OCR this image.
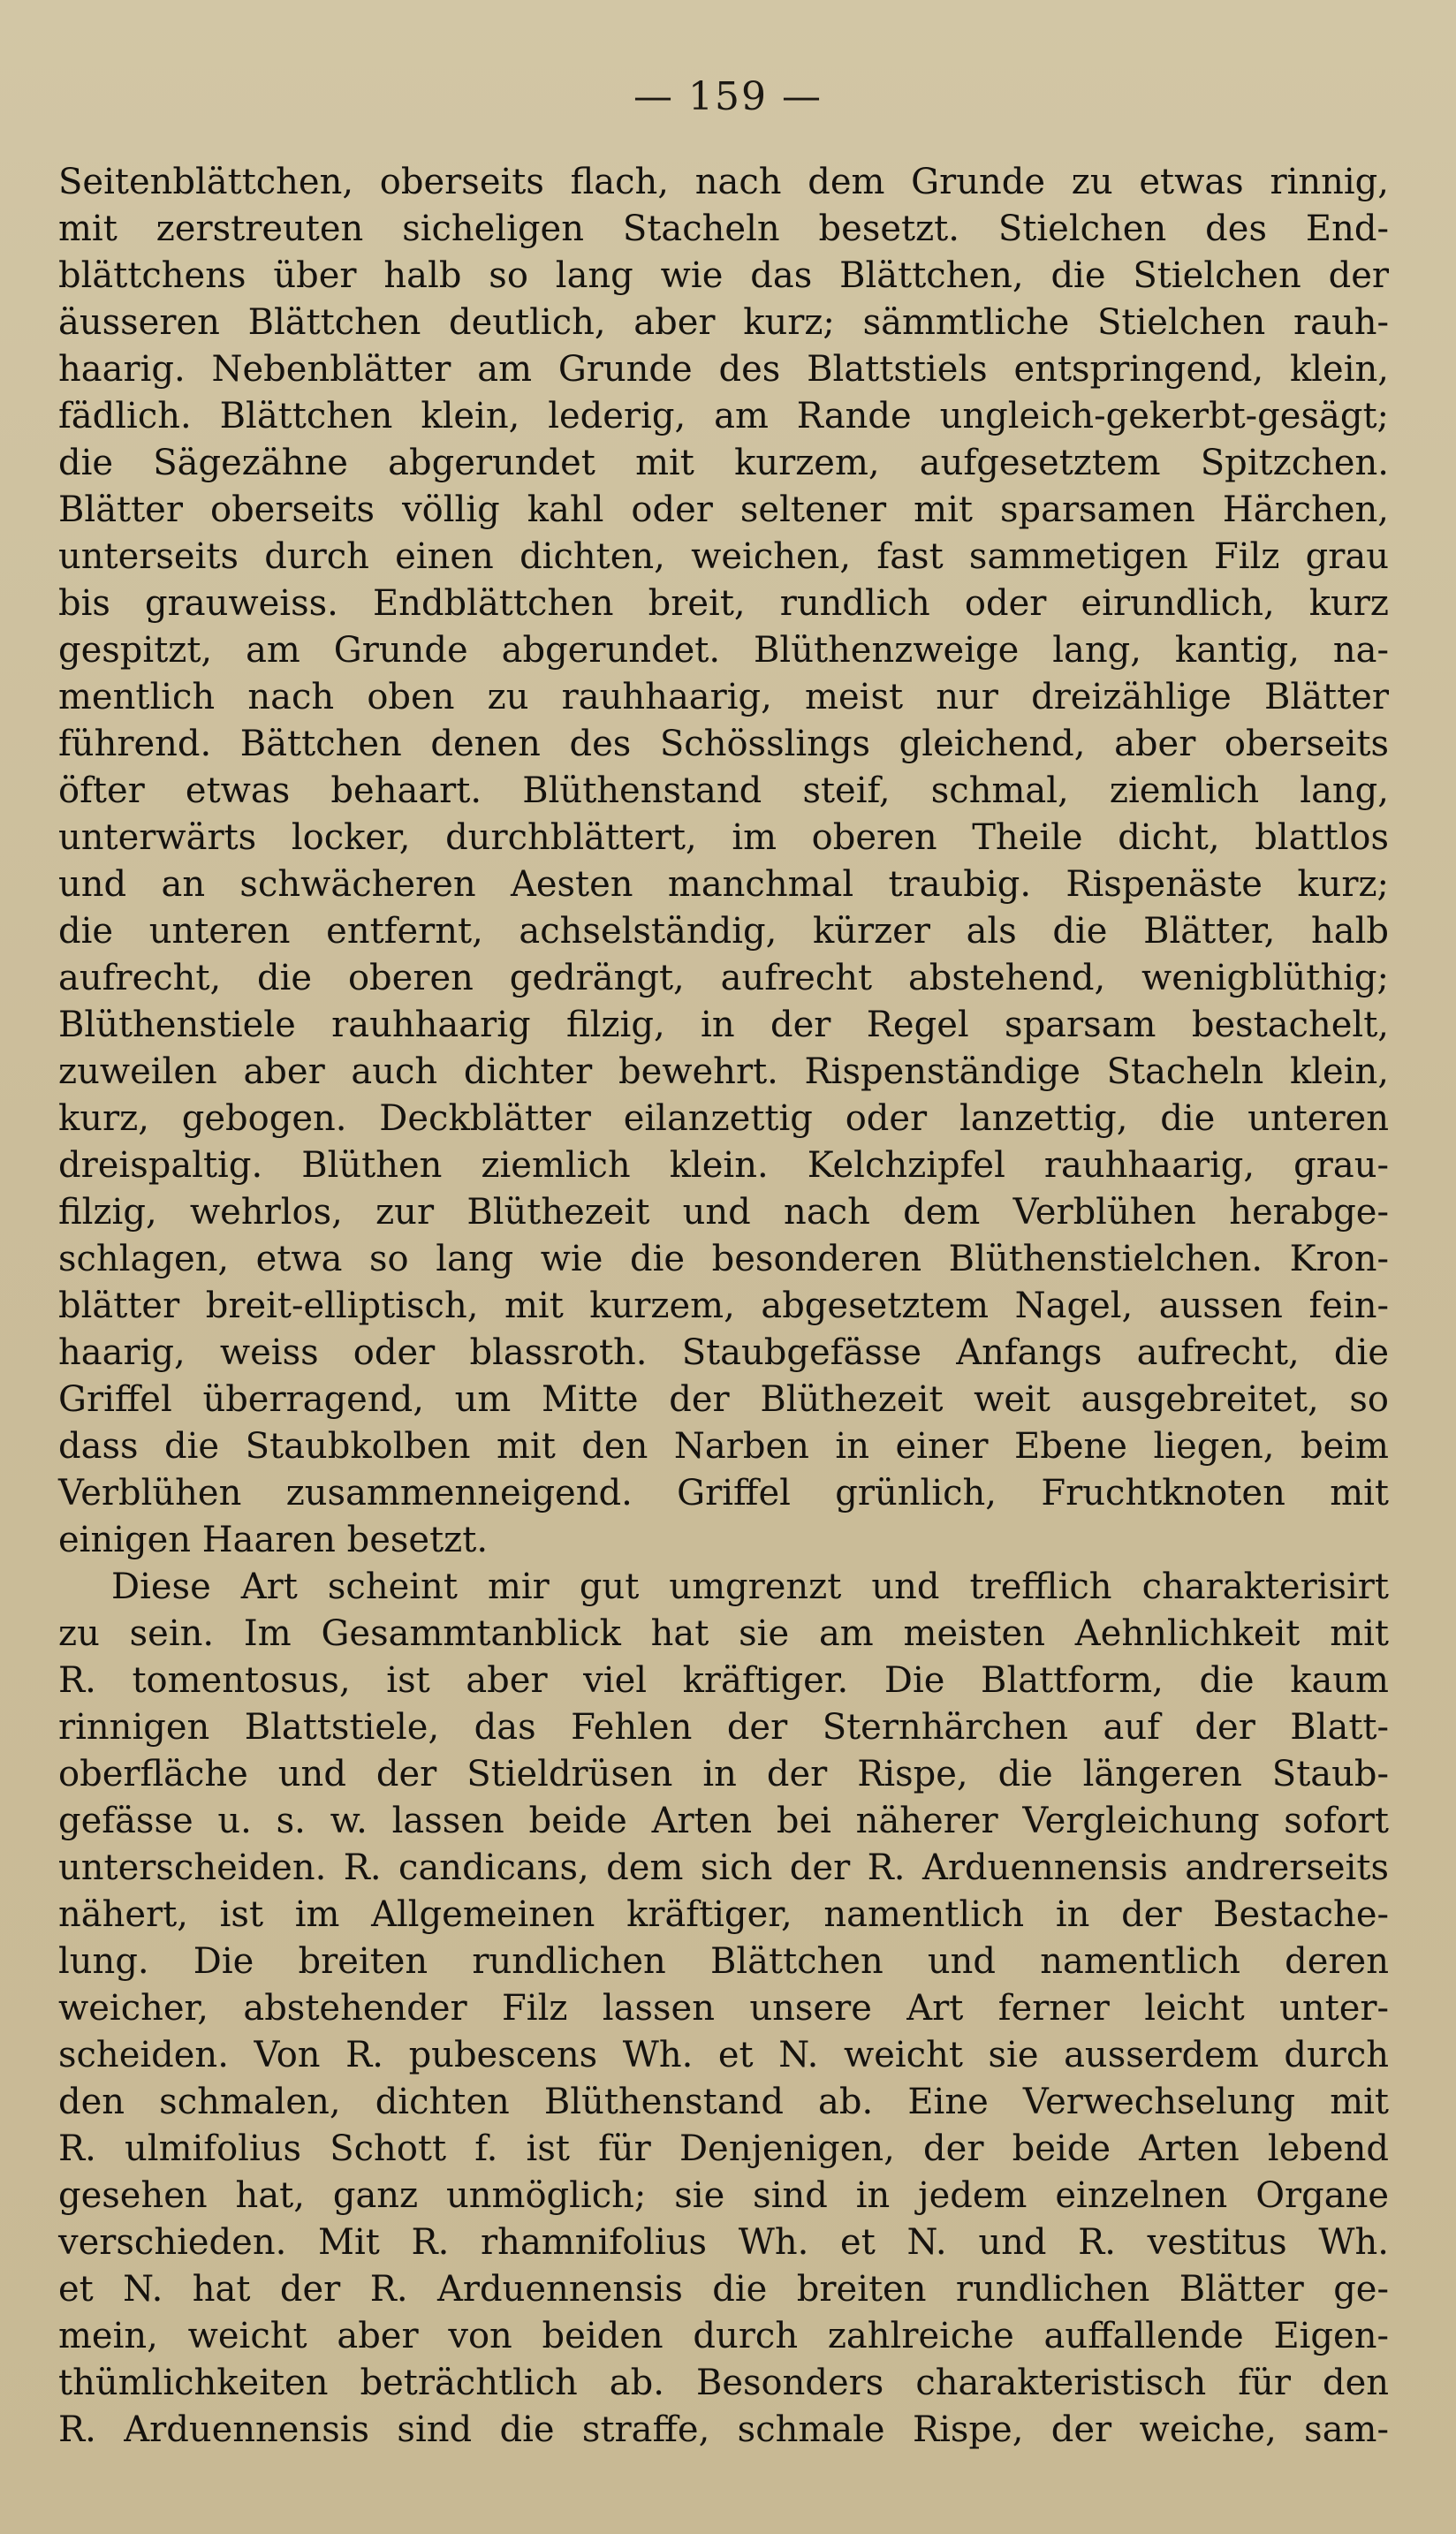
— 159 —
Seitenblättchen, oberseits flach, nach dem Grunde zu etwas rinnig,
mit zerstreuten sicheligen Stacheln besetzt. Stielchen des End-
blättchens über halb so lang wie das Blättchen, die Stielchen der
äusseren Blättchen deutlich, aber kurz; sämmtliche Stielchen rauh-
haarig. Nebenblätter am Grunde des Blattstiels entspringend, klein,
fädlich. Blättchen klein, lederig, am Rande ungleich-gekerbt-gesägt;
die Sägezähne abgerundet mit kurzem, aufgesetztem Spitzchen.
Blätter oberseits völlig kahl oder seltener mit sparsamen Härchen,
unterseits durch einen dichten, weichen, fast sammetigen Filz grau
bis grauweiss. Endblättchen breit, rundlich oder eirundlich, kurz
gespitzt, am Grunde abgerundet. Blüthenzweige lang, kantig, na-
mentlich nach oben zu rauhhaarig, meist nur dreizählige Blätter
führend. Bättchen denen des Schösslings gleichend, aber oberseits
öfter etwas behaart. Blüthenstand steif, schmal, ziemlich lang,
unterwärts locker, durchblättert, im oberen Theile dicht, blattlos
und an schwächeren Aesten manchmal traubig. Rispenäste kurz;
die unteren entfernt, achselständig, kürzer als die Blätter, halb
aufrecht, die oberen gedrängt, aufrecht abstehend, wenigblüthig;
Blüthenstiele rauhhaarig filzig, in der Regel sparsam bestachelt,
zuweilen aber auch dichter bewehrt. Rispenständige Stacheln klein,
kurz, gebogen. Deckblätter eilanzettig oder lanzettig, die unteren
dreispaltig. Blüthen ziemlich klein. Kelchzipfel rauhhaarig, grau-
filzig, wehrlos, zur Blüthezeit und nach dem Verblühen herabge-
schlagen, etwa so lang wie die besonderen Blüthenstielchen. Kron-
blätter breit-elliptisch, mit kurzem, abgesetztem Nagel, aussen fein-
haarig, weiss oder blassroth. Staubgefässe Anfangs aufrecht, die
Griffel überragend, um Mitte der Blüthezeit weit ausgebreitet, so
dass die Staubkolben mit den Narben in einer Ebene liegen, beim
Verblühen zusammenneigend. Griffel grünlich, Fruchtknoten mit
einigen Haaren besetzt.
Diese Art scheint mir gut umgrenzt und trefflich charakterisirt
zu sein. Im Gesammtanblick hat sie am meisten Aehnlichkeit mit
R. tomentosus, ist aber viel kräftiger. Die Blattform, die kaum
rinnigen Blattstiele, das Fehlen der Sternhärchen auf der Blatt-
oberfläche und der Stieldrüsen in der Rispe, die längeren Staub-
gefässe u. s. w. lassen beide Arten bei näherer Vergleichung sofort
unterscheiden. R. candicans, dem sich der R. Arduennensis andrerseits
nähert, ist im Allgemeinen kräftiger, namentlich in der Bestache-
lung. Die breiten rundlichen Blättchen und namentlich deren
weicher, abstehender Filz lassen unsere Art ferner leicht unter-
scheiden. Von R. pubescens Wh. et N. weicht sie ausserdem durch
den schmalen, dichten Blüthenstand ab. Eine Verwechselung mit
R. ulmifolius Schott f. ist für Denjenigen, der beide Arten lebend
gesehen hat, ganz unmöglich; sie sind in jedem einzelnen Organe
verschieden. Mit R. rhamnifolius Wh. et N. und R. vestitus Wh.
et N. hat der R. Arduennensis die breiten rundlichen Blätter ge-
mein, weicht aber von beiden durch zahlreiche auffallende Eigen-
thümlichkeiten beträchtlich ab. Besonders charakteristisch für den
R. Arduennensis sind die straffe, schmale Rispe, der weiche, sam-
